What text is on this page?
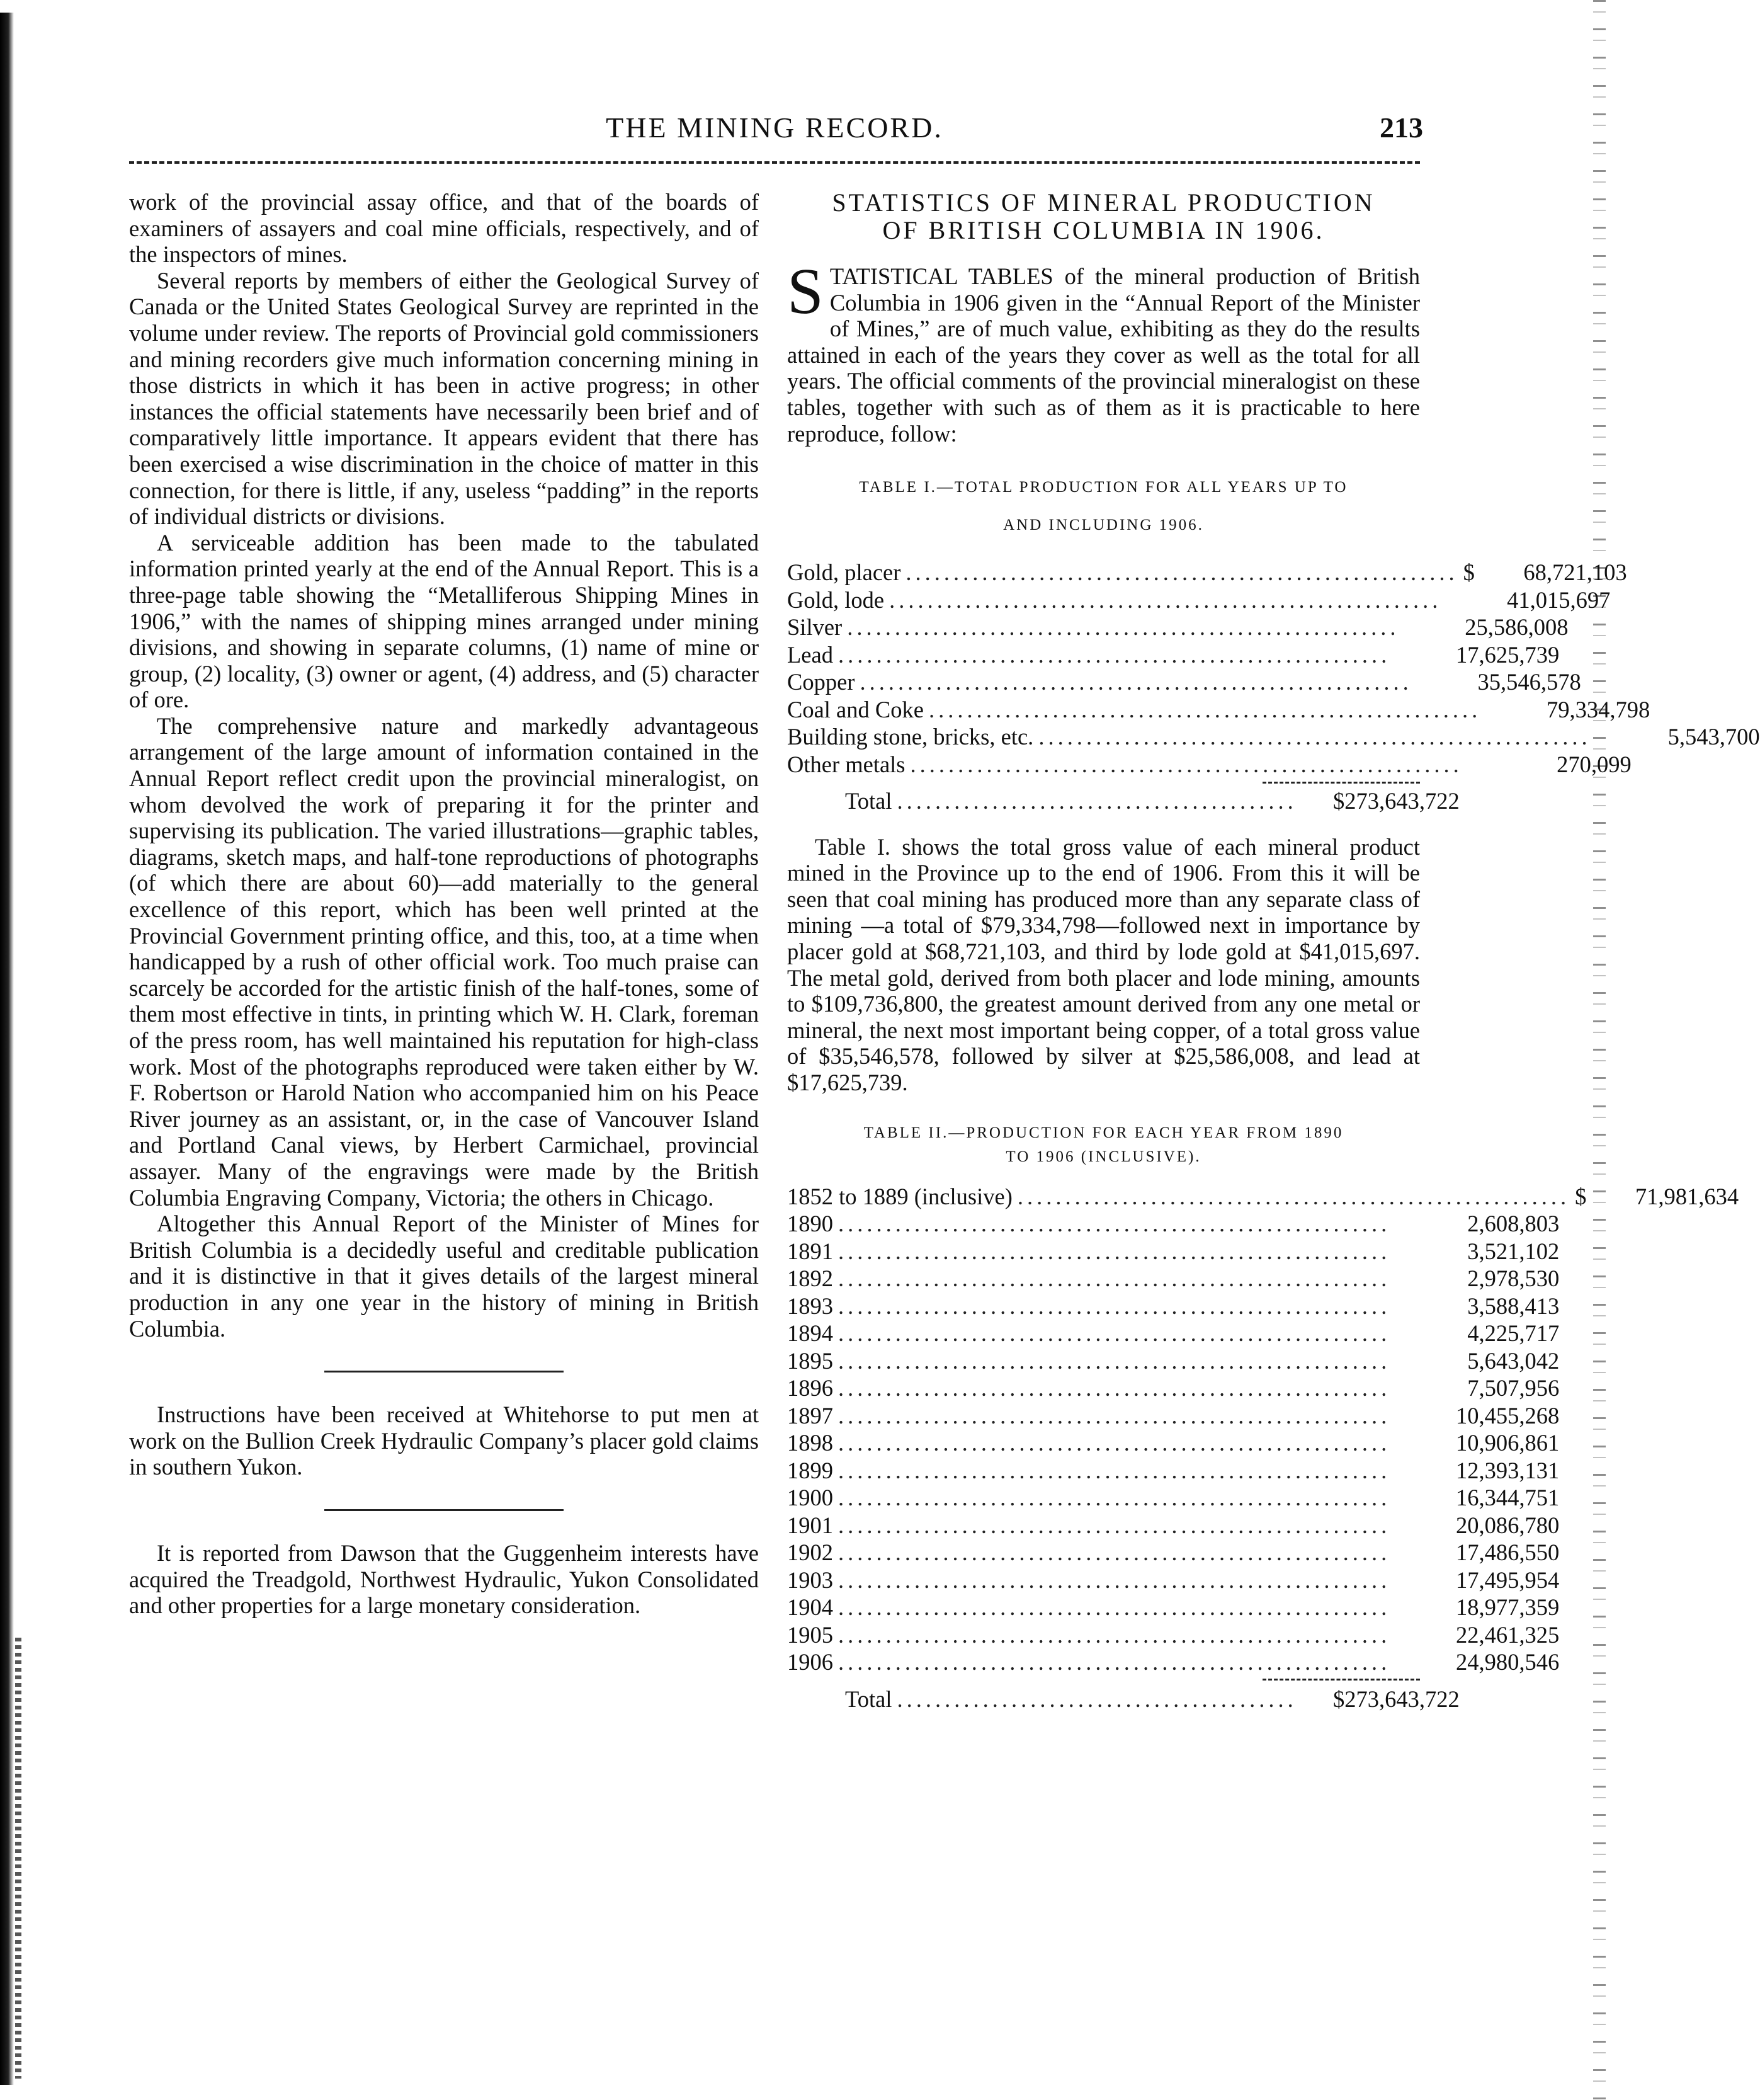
THE MINING RECORD.	213

work of the provincial assay office, and that of the boards of examiners of assayers and coal mine officials, respectively, and of the inspectors of mines.

Several reports by members of either the Geological Survey of Canada or the United States Geological Survey are reprinted in the volume under review. The reports of Provincial gold commissioners and mining recorders give much information concerning mining in those districts in which it has been in active progress; in other instances the official statements have necessarily been brief and of comparatively little importance. It appears evident that there has been exercised a wise discrimination in the choice of matter in this connection, for there is little, if any, useless “padding” in the reports of individual districts or divisions.

A serviceable addition has been made to the tabulated information printed yearly at the end of the Annual Report. This is a three-page table showing the “Metalliferous Shipping Mines in 1906,” with the names of shipping mines arranged under mining divisions, and showing in separate columns, (1) name of mine or group, (2) locality, (3) owner or agent, (4) address, and (5) character of ore.

The comprehensive nature and markedly advantageous arrangement of the large amount of information contained in the Annual Report reflect credit upon the provincial mineralogist, on whom devolved the work of preparing it for the printer and supervising its publication. The varied illustrations—graphic tables, diagrams, sketch maps, and half-tone reproductions of photographs (of which there are about 60)—add materially to the general excellence of this report, which has been well printed at the Provincial Government printing office, and this, too, at a time when handicapped by a rush of other official work. Too much praise can scarcely be accorded for the artistic finish of the half-tones, some of them most effective in tints, in printing which W. H. Clark, foreman of the press room, has well maintained his reputation for high-class work. Most of the photographs reproduced were taken either by W. F. Robertson or Harold Nation who accompanied him on his Peace River journey as an assistant, or, in the case of Vancouver Island and Portland Canal views, by Herbert Carmichael, provincial assayer. Many of the engravings were made by the British Columbia Engraving Company, Victoria; the others in Chicago.

Altogether this Annual Report of the Minister of Mines for British Columbia is a decidedly useful and creditable publication and it is distinctive in that it gives details of the largest mineral production in any one year in the history of mining in British Columbia.

Instructions have been received at Whitehorse to put men at work on the Bullion Creek Hydraulic Company’s placer gold claims in southern Yukon.

It is reported from Dawson that the Guggenheim interests have acquired the Treadgold, Northwest Hydraulic, Yukon Consolidated and other properties for a large monetary consideration.

STATISTICS OF MINERAL PRODUCTION
OF BRITISH COLUMBIA IN 1906.
S TATISTICAL TABLES of the mineral production of British Columbia in 1906 given in the “Annual Report of the Minister of Mines,” are of much value, exhibiting as they do the results attained in each of the years they cover as well as the total for all years. The official comments of the provincial mineralogist on these tables, together with such as of them as it is practicable to here reproduce, follow:

TABLE I.—TOTAL PRODUCTION FOR ALL YEARS UP TO
AND INCLUDING 1906.
Gold, placer .......................................................... $	68,721,103
Gold, lode ..........................................................	41,015,697
Silver ..........................................................	25,586,008
Lead ..........................................................	17,625,739
Copper ..........................................................	35,546,578
Coal and Coke ..........................................................	79,334,798
Building stone, bricks, etc. ..........................................................	5,543,700
Other metals ..........................................................	270,099
Total ..........................................	$273,643,722

Table I. shows the total gross value of each mineral product mined in the Province up to the end of 1906. From this it will be seen that coal mining has produced more than any separate class of mining —a total of $79,334,798—followed next in importance by placer gold at $68,721,103, and third by lode gold at $41,015,697. The metal gold, derived from both placer and lode mining, amounts to $109,736,800, the greatest amount derived from any one metal or mineral, the next most important being copper, of a total gross value of $35,546,578, followed by silver at $25,586,008, and lead at $17,625,739.

TABLE II.—PRODUCTION FOR EACH YEAR FROM 1890
TO 1906 (INCLUSIVE).
1852 to 1889 (inclusive) .......................................................... $	71,981,634
1890 ..........................................................	2,608,803
1891 ..........................................................	3,521,102
1892 ..........................................................	2,978,530
1893 ..........................................................	3,588,413
1894 ..........................................................	4,225,717
1895 ..........................................................	5,643,042
1896 ..........................................................	7,507,956
1897 ..........................................................	10,455,268
1898 ..........................................................	10,906,861
1899 ..........................................................	12,393,131
1900 ..........................................................	16,344,751
1901 ..........................................................	20,086,780
1902 ..........................................................	17,486,550
1903 ..........................................................	17,495,954
1904 ..........................................................	18,977,359
1905 ..........................................................	22,461,325
1906 ..........................................................	24,980,546
Total ..........................................	$273,643,722
